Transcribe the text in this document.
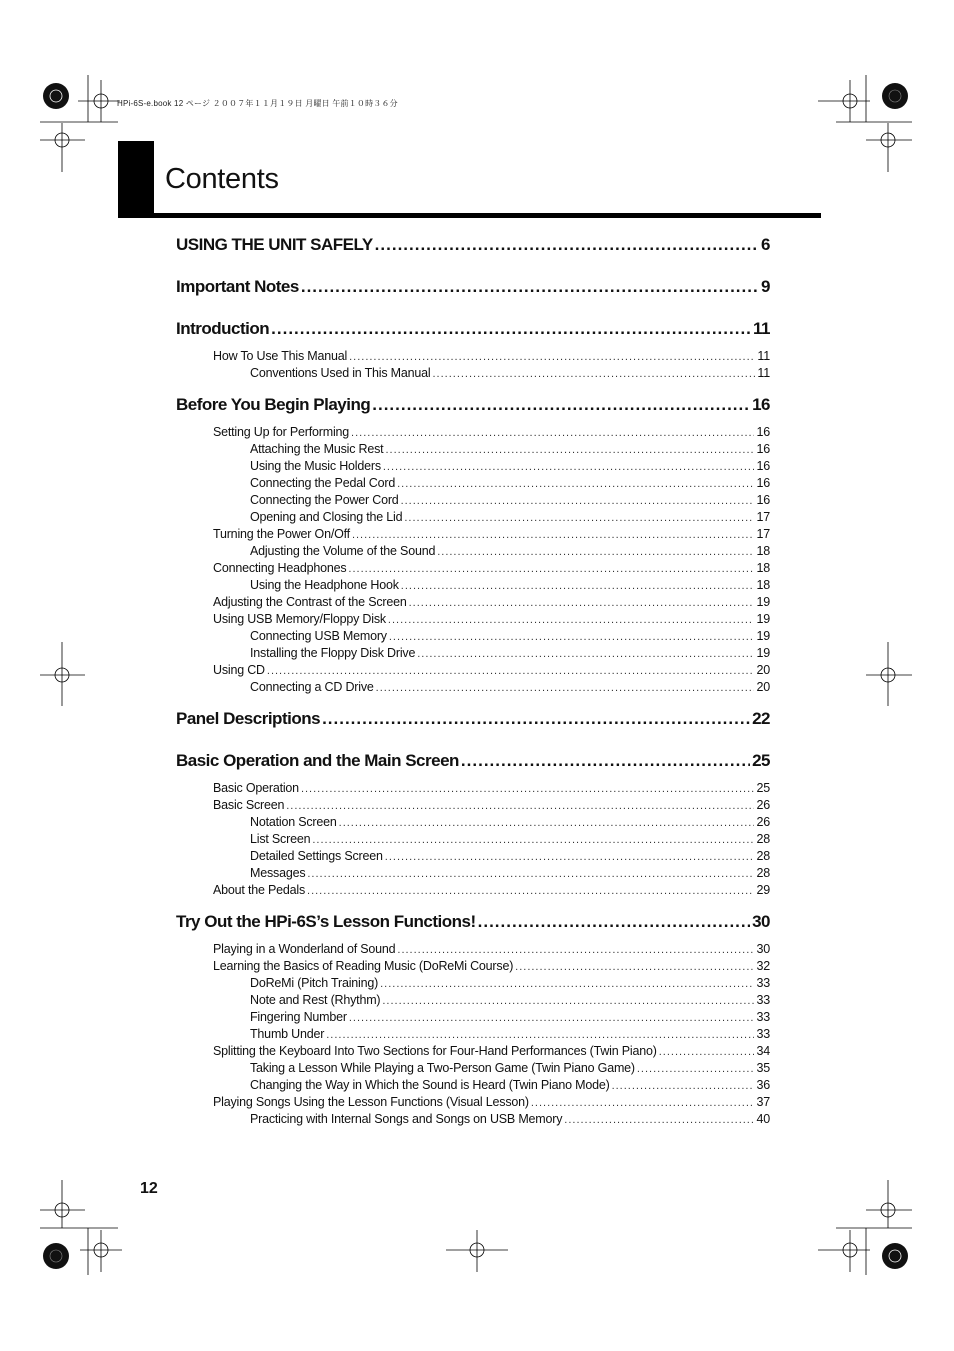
HPi-6S-e.book 12 ページ ２００７年１１月１９日 月曜日 午前１０時３６分
Contents
USING THE UNIT SAFELY .....	6
Important Notes .....	9
Introduction .....	11
How To Use This Manual .....	11
Conventions Used in This Manual .....	11
Before You Begin Playing .....	16
Setting Up for Performing .....	16
Attaching the Music Rest .....	16
Using the Music Holders .....	16
Connecting the Pedal Cord .....	16
Connecting the Power Cord .....	16
Opening and Closing the Lid .....	17
Turning the Power On/Off .....	17
Adjusting the Volume of the Sound .....	18
Connecting Headphones .....	18
Using the Headphone Hook .....	18
Adjusting the Contrast of the Screen .....	19
Using USB Memory/Floppy Disk .....	19
Connecting USB Memory .....	19
Installing the Floppy Disk Drive .....	19
Using CD .....	20
Connecting a CD Drive .....	20
Panel Descriptions .....	22
Basic Operation and the Main Screen .....	25
Basic Operation .....	25
Basic Screen .....	26
Notation Screen .....	26
List Screen .....	28
Detailed Settings Screen .....	28
Messages .....	28
About the Pedals .....	29
Try Out the HPi-6S’s Lesson Functions! .....	30
Playing in a Wonderland of Sound .....	30
Learning the Basics of Reading Music (DoReMi Course) .....	32
DoReMi (Pitch Training) .....	33
Note and Rest (Rhythm) .....	33
Fingering Number .....	33
Thumb Under .....	33
Splitting the Keyboard Into Two Sections for Four-Hand Performances (Twin Piano) .....	34
Taking a Lesson While Playing a Two-Person Game (Twin Piano Game) .....	35
Changing the Way in Which the Sound is Heard (Twin Piano Mode) .....	36
Playing Songs Using the Lesson Functions (Visual Lesson) .....	37
Practicing with Internal Songs and Songs on USB Memory .....	40
12
